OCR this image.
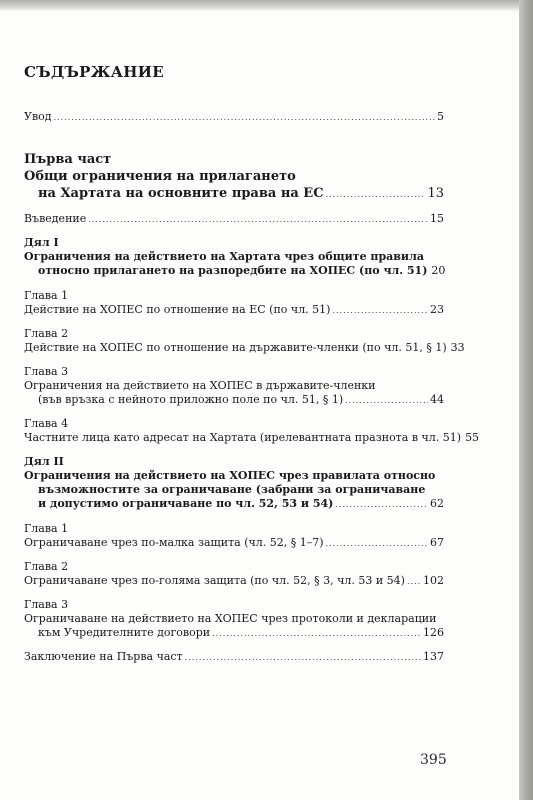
СЪДЪРЖАНИЕ
Увод .....	5
Първа част
Общи ограничения на прилагането
на Хартата на основните права на ЕС .....	13
Въведение .....	15
Дял I
Ограничения на действието на Хартата чрез общите правила
относно прилагането на разпоредбите на ХОПЕС (по чл. 51) 20
Глава 1
Действие на ХОПЕС по отношение на ЕС (по чл. 51) .....	23
Глава 2
Действие на ХОПЕС по отношение на държавите-членки (по чл. 51, § 1) 33
Глава 3
Ограничения на действието на ХОПЕС в държавите-членки
(във връзка с нейното приложно поле по чл. 51, § 1) .....	44
Глава 4
Частните лица като адресат на Хартата (ирелевантната празнота в чл. 51) 55
Дял II
Ограничения на действието на ХОПЕС чрез правилата относно
възможностите за ограничаване (забрани за ограничаване
и допустимо ограничаване по чл. 52, 53 и 54) .....	62
Глава 1
Ограничаване чрез по-малка защита (чл. 52, § 1–7) .....	67
Глава 2
Ограничаване чрез по-голяма защита (по чл. 52, § 3, чл. 53 и 54) ..... 102
Глава 3
Ограничаване на действието на ХОПЕС чрез протоколи и декларации
към Учредителните договори .....	126
Заключение на Първа част .....	137
395
